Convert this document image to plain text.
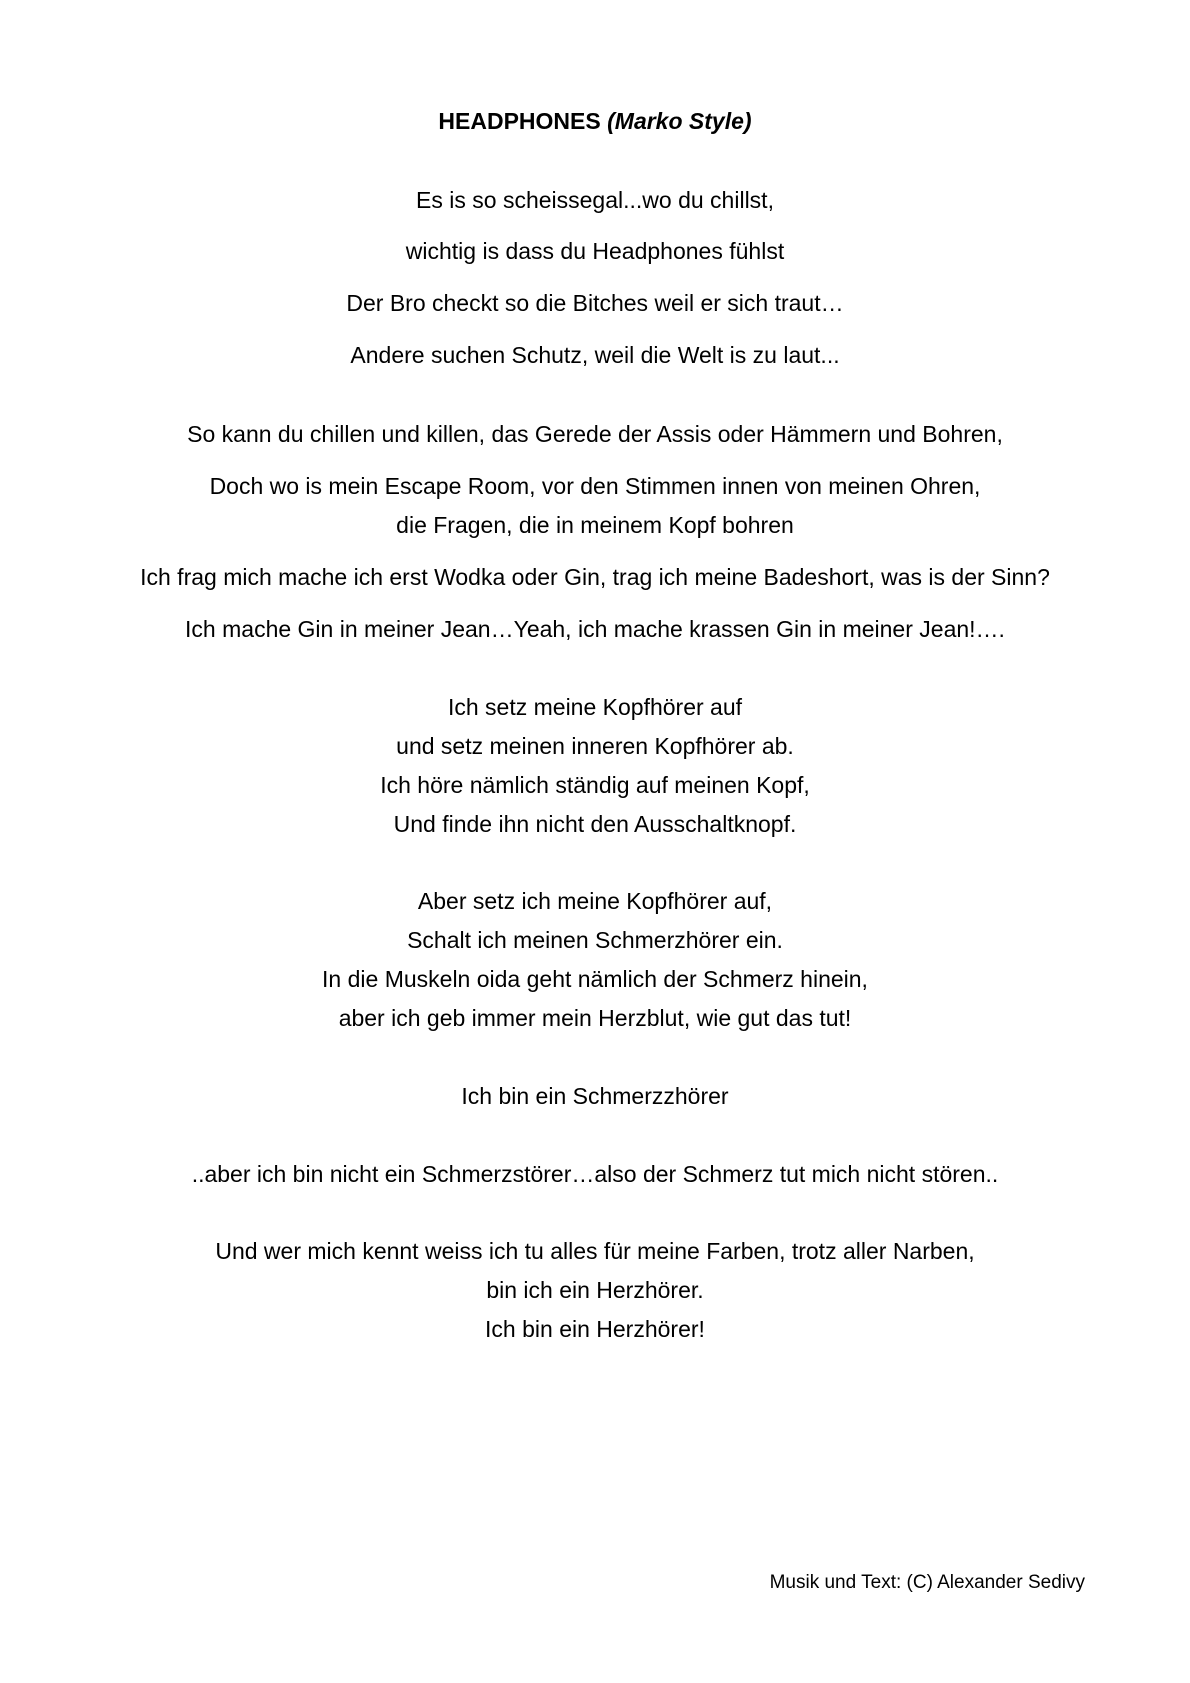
HEADPHONES (Marko Style)
Es is so scheissegal...wo du chillst,
wichtig is dass du Headphones fühlst
Der Bro checkt so die Bitches weil er sich traut…
Andere suchen Schutz, weil die Welt is zu laut...
So kann du chillen und killen, das Gerede der Assis oder Hämmern und Bohren,
Doch wo is mein Escape Room, vor den Stimmen innen von meinen Ohren,
die Fragen, die in meinem Kopf bohren
Ich frag mich mache ich erst Wodka oder Gin, trag ich meine Badeshort, was is der Sinn?
Ich mache Gin in meiner Jean…Yeah, ich mache krassen Gin in meiner Jean!….
Ich setz meine Kopfhörer auf
und setz meinen inneren Kopfhörer ab.
Ich höre nämlich ständig auf meinen Kopf,
Und finde ihn nicht den Ausschaltknopf.
Aber setz ich meine Kopfhörer auf,
Schalt ich meinen Schmerzhörer ein.
In die Muskeln oida geht nämlich der Schmerz hinein,
aber ich geb immer mein Herzblut, wie gut das tut!
Ich bin ein Schmerzzhörer
..aber ich bin nicht ein Schmerzstörer…also der Schmerz tut mich nicht stören..
Und wer mich kennt weiss ich tu alles für meine Farben, trotz aller Narben,
bin ich ein Herzhörer.
Ich bin ein Herzhörer!
Musik und Text: (C) Alexander Sedivy
